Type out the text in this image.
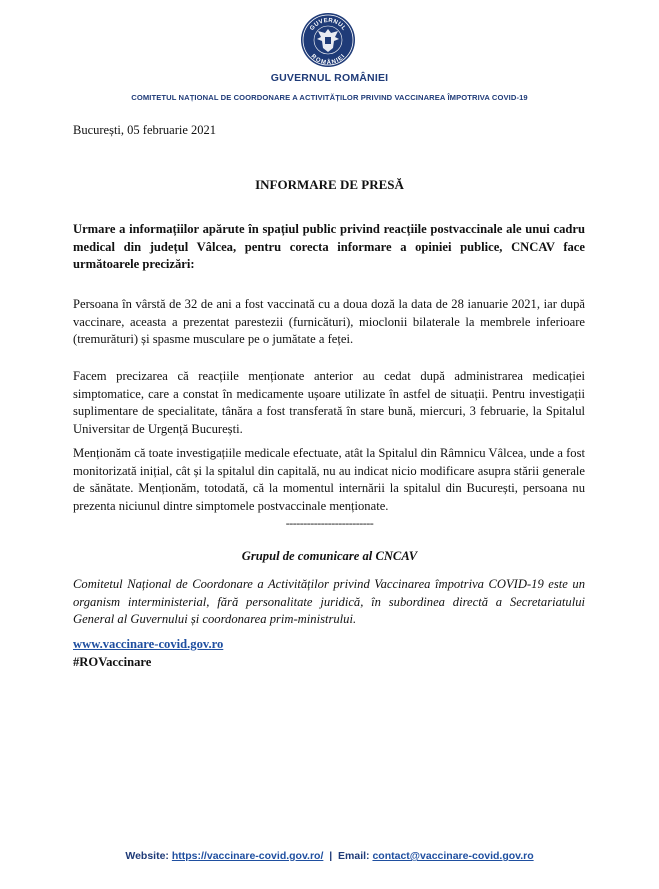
GUVERNUL
ROMÂNIEI
GUVERNUL ROMÂNIEI
COMITETUL NAȚIONAL DE COORDONARE A ACTIVITĂȚILOR PRIVIND VACCINAREA ÎMPOTRIVA COVID-19
București, 05 februarie 2021
INFORMARE DE PRESĂ

Urmare a informațiilor apărute în spațiul public privind reacțiile postvaccinale ale unui cadru medical din județul Vâlcea, pentru corecta informare a opiniei publice, CNCAV face următoarele precizări:

Persoana în vârstă de 32 de ani a fost vaccinată cu a doua doză la data de 28 ianuarie 2021, iar după vaccinare, aceasta a prezentat parestezii (furnicături), mioclonii bilaterale la membrele inferioare (tremurături) și spasme musculare pe o jumătate a feței.

Facem precizarea că reacțiile menționate anterior au cedat după administrarea medicației simptomatice, care a constat în medicamente ușoare utilizate în astfel de situații. Pentru investigații suplimentare de specialitate, tânăra a fost transferată în stare bună, miercuri, 3 februarie, la Spitalul Universitar de Urgență București.

Menționăm că toate investigațiile medicale efectuate, atât la Spitalul din Râmnicu Vâlcea, unde a fost monitorizată inițial, cât și la spitalul din capitală, nu au indicat nicio modificare asupra stării generale de sănătate. Menționăm, totodată, că la momentul internării la spitalul din București, persoana nu prezenta niciunul dintre simptomele postvaccinale menționate.

-------------------------
Grupul de comunicare al CNCAV

Comitetul Național de Coordonare a Activităților privind Vaccinarea împotriva COVID-19 este un organism interministerial, fără personalitate juridică, în subordinea directă a Secretariatului General al Guvernului și coordonarea prim-ministrului.

www.vaccinare-covid.gov.ro
#ROVaccinare
Website: https://vaccinare-covid.gov.ro/ | Email: contact@vaccinare-covid.gov.ro
